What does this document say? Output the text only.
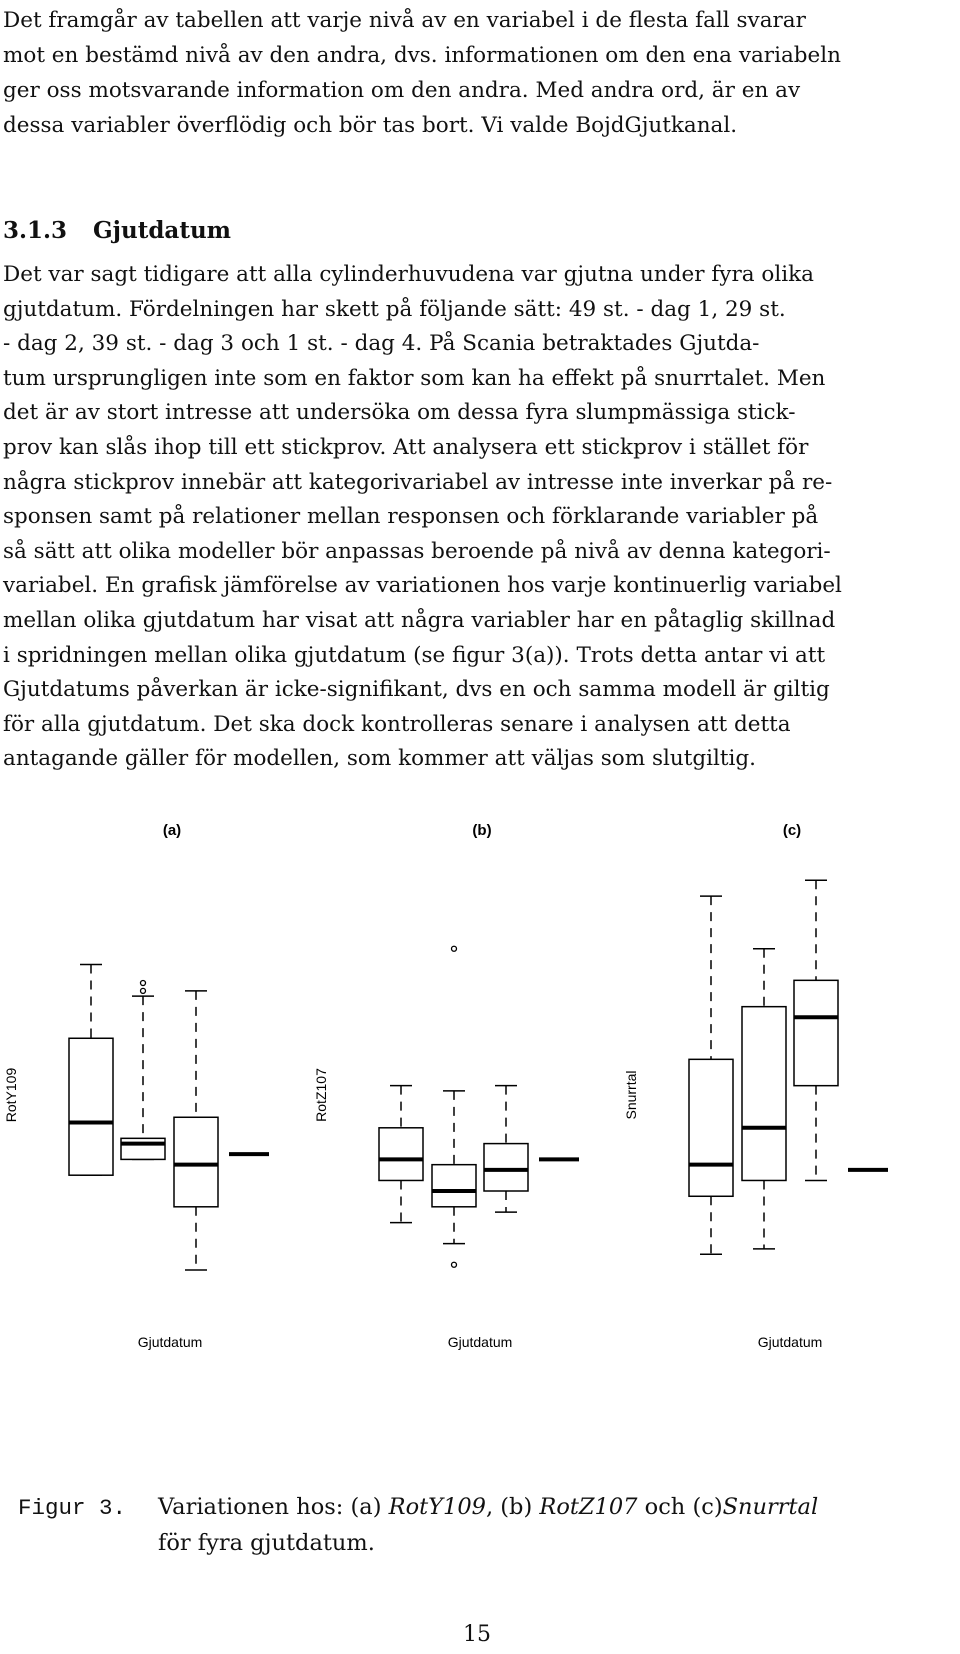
Det framgår av tabellen att varje nivå av en variabel i de flesta fall svarar
mot en bestämd nivå av den andra, dvs. informationen om den ena variabeln
ger oss motsvarande information om den andra. Med andra ord, är en av
dessa variabler överflödig och bör tas bort. Vi valde BojdGjutkanal.
3.1.3 Gjutdatum
Det var sagt tidigare att alla cylinderhuvudena var gjutna under fyra olika
gjutdatum. Fördelningen har skett på följande sätt: 49 st. - dag 1, 29 st.
- dag 2, 39 st. - dag 3 och 1 st. - dag 4. På Scania betraktades Gjutda-
tum ursprungligen inte som en faktor som kan ha effekt på snurrtalet. Men
det är av stort intresse att undersöka om dessa fyra slumpmässiga stick-
prov kan slås ihop till ett stickprov. Att analysera ett stickprov i stället för
några stickprov innebär att kategorivariabel av intresse inte inverkar på re-
sponsen samt på relationer mellan responsen och förklarande variabler på
så sätt att olika modeller bör anpassas beroende på nivå av denna kategori-
variabel. En grafisk jämförelse av variationen hos varje kontinuerlig variabel
mellan olika gjutdatum har visat att några variabler har en påtaglig skillnad
i spridningen mellan olika gjutdatum (se figur 3(a)). Trots detta antar vi att
Gjutdatums påverkan är icke-signifikant, dvs en och samma modell är giltig
för alla gjutdatum. Det ska dock kontrolleras senare i analysen att detta
antagande gäller för modellen, som kommer att väljas som slutgiltig.
(a)
RotY109
Gjutdatum
(b)
RotZ107
Gjutdatum
(c)
Snurrtal
Gjutdatum
Figur 3. Variationen hos: (a) RotY109, (b) RotZ107 och (c)Snurrtal
för fyra gjutdatum.
15
